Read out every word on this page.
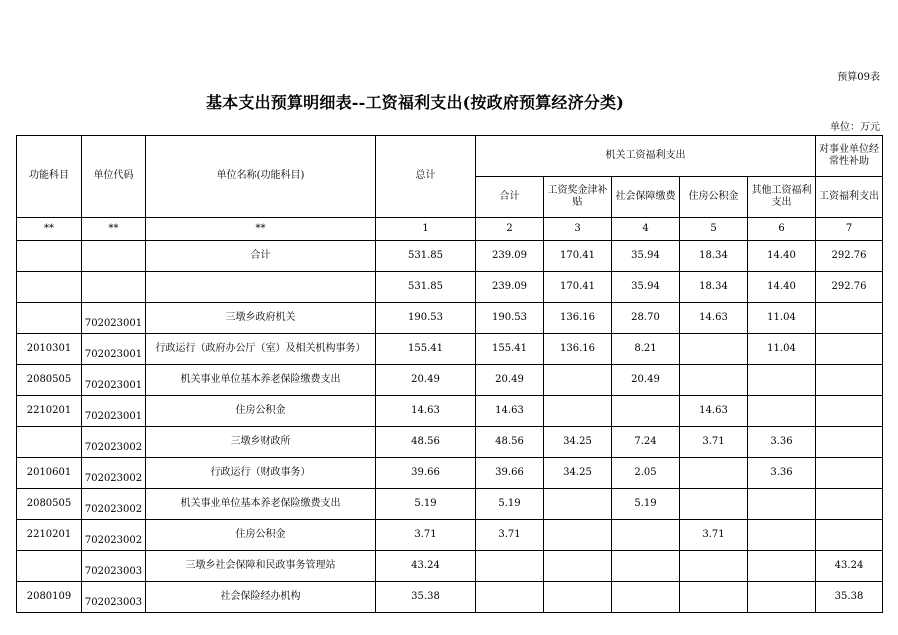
预算09表
基本支出预算明细表--工资福利支出(按政府预算经济分类)
单位：万元
功能科目	单位代码	单位名称(功能科目)	总计	机关工资福利支出					对事业单位经常性补助
				合计	工资奖金津补贴	社会保障缴费	住房公积金	其他工资福利支出	工资福利支出
**	**	**	1	2	3	4	5	6	7
		合计	531.85	239.09	170.41	35.94	18.34	14.40	292.76
			531.85	239.09	170.41	35.94	18.34	14.40	292.76
	702023001	三墩乡政府机关	190.53	190.53	136.16	28.70	14.63	11.04	
2010301	702023001	行政运行（政府办公厅（室）及相关机构事务）	155.41	155.41	136.16	8.21		11.04	
2080505	702023001	机关事业单位基本养老保险缴费支出	20.49	20.49		20.49			
2210201	702023001	住房公积金	14.63	14.63			14.63		
	702023002	三墩乡财政所	48.56	48.56	34.25	7.24	3.71	3.36	
2010601	702023002	行政运行（财政事务）	39.66	39.66	34.25	2.05		3.36	
2080505	702023002	机关事业单位基本养老保险缴费支出	5.19	5.19		5.19			
2210201	702023002	住房公积金	3.71	3.71			3.71		
	702023003	三墩乡社会保障和民政事务管理站	43.24						43.24
2080109	702023003	社会保险经办机构	35.38						35.38
